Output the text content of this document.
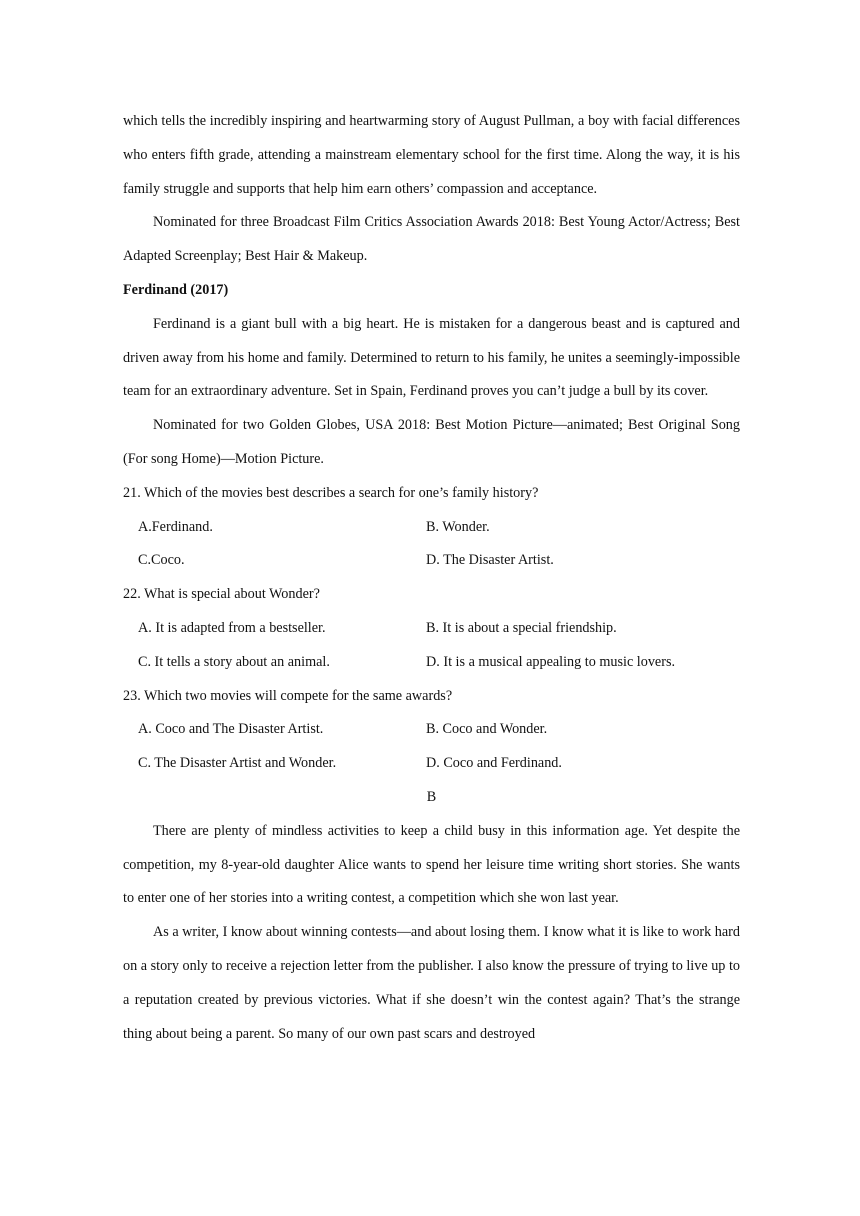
which tells the incredibly inspiring and heartwarming story of August Pullman, a boy with facial differences who enters fifth grade, attending a mainstream elementary school for the first time. Along the way, it is his family struggle and supports that help him earn others’ compassion and acceptance.

Nominated for three Broadcast Film Critics Association Awards 2018: Best Young Actor/Actress; Best Adapted Screenplay; Best Hair & Makeup.

Ferdinand (2017)

Ferdinand is a giant bull with a big heart. He is mistaken for a dangerous beast and is captured and driven away from his home and family. Determined to return to his family, he unites a seemingly-impossible team for an extraordinary adventure. Set in Spain, Ferdinand proves you can’t judge a bull by its cover.

Nominated for two Golden Globes, USA 2018: Best Motion Picture—animated; Best Original Song (For song Home)—Motion Picture.

21. Which of the movies best describes a search for one’s family history?

A.Ferdinand.	B. Wonder.
C.Coco.	D. The Disaster Artist.

22. What is special about Wonder?

A. It is adapted from a bestseller.	B. It is about a special friendship.
C. It tells a story about an animal.	D. It is a musical appealing to music lovers.

23. Which two movies will compete for the same awards?

A. Coco and The Disaster Artist.	B. Coco and Wonder.
C. The Disaster Artist and Wonder.	D. Coco and Ferdinand.

B

There are plenty of mindless activities to keep a child busy in this information age. Yet despite the competition, my 8-year-old daughter Alice wants to spend her leisure time writing short stories. She wants to enter one of her stories into a writing contest, a competition which she won last year.

As a writer, I know about winning contests—and about losing them. I know what it is like to work hard on a story only to receive a rejection letter from the publisher. I also know the pressure of trying to live up to a reputation created by previous victories. What if she doesn’t win the contest again? That’s the strange thing about being a parent. So many of our own past scars and destroyed
